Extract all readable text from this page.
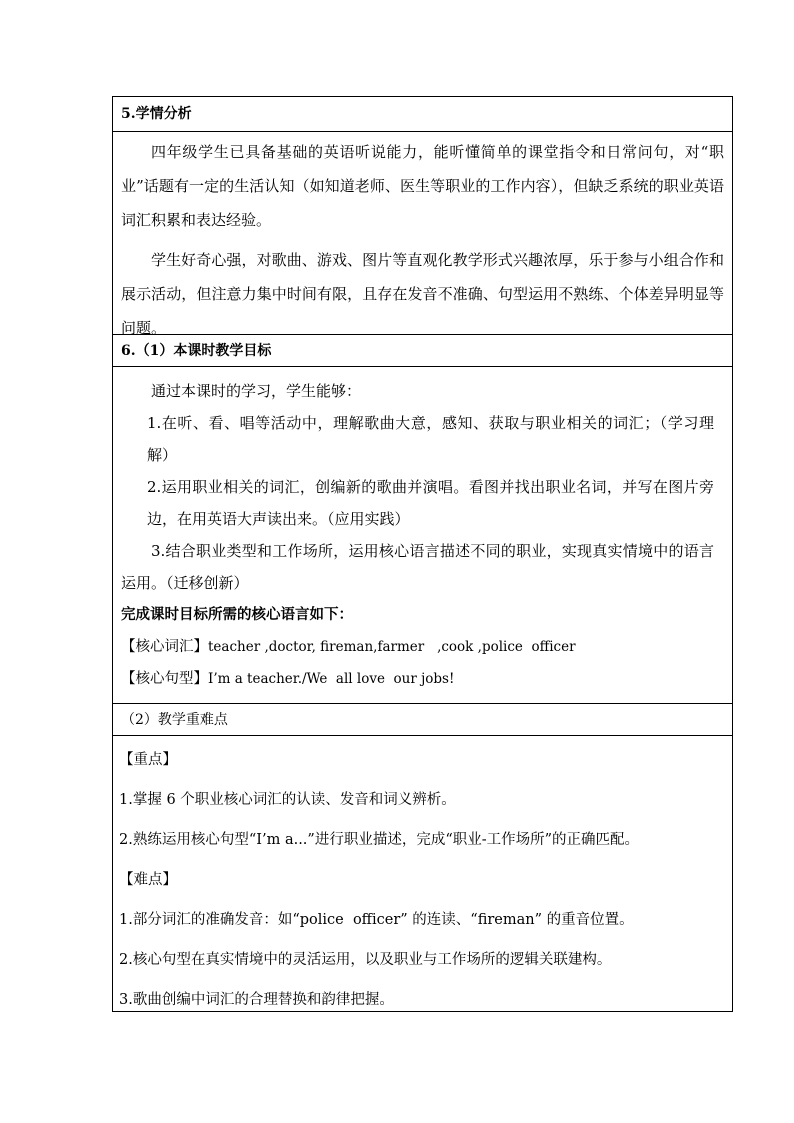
5.学情分析

四年级学生已具备基础的英语听说能力，能听懂简单的课堂指令和日常问句，对“职业”话题有一定的生活认知（如知道老师、医生等职业的工作内容），但缺乏系统的职业英语词汇积累和表达经验。

学生好奇心强，对歌曲、游戏、图片等直观化教学形式兴趣浓厚，乐于参与小组合作和展示活动，但注意力集中时间有限，且存在发音不准确、句型运用不熟练、个体差异明显等问题。

6.（1）本课时教学目标

通过本课时的学习，学生能够：

1.在听、看、唱等活动中，理解歌曲大意，感知、获取与职业相关的词汇；（学习理解）

2.运用职业相关的词汇，创编新的歌曲并演唱。看图并找出职业名词，并写在图片旁边，在用英语大声读出来。（应用实践）

3.结合职业类型和工作场所，运用核心语言描述不同的职业，实现真实情境中的语言运用。（迁移创新）

完成课时目标所需的核心语言如下：

【核心词汇】teacher ,doctor, fireman,farmer   ,cook ,police  officer

【核心句型】I’m a teacher./We  all love  our jobs!

（2）教学重难点

【重点】

1.掌握 6 个职业核心词汇的认读、发音和词义辨析。

2.熟练运用核心句型“I’m a...”进行职业描述，完成“职业-工作场所”的正确匹配。

【难点】

1.部分词汇的准确发音：如“police  officer” 的连读、“fireman” 的重音位置。

2.核心句型在真实情境中的灵活运用，以及职业与工作场所的逻辑关联建构。

3.歌曲创编中词汇的合理替换和韵律把握。
